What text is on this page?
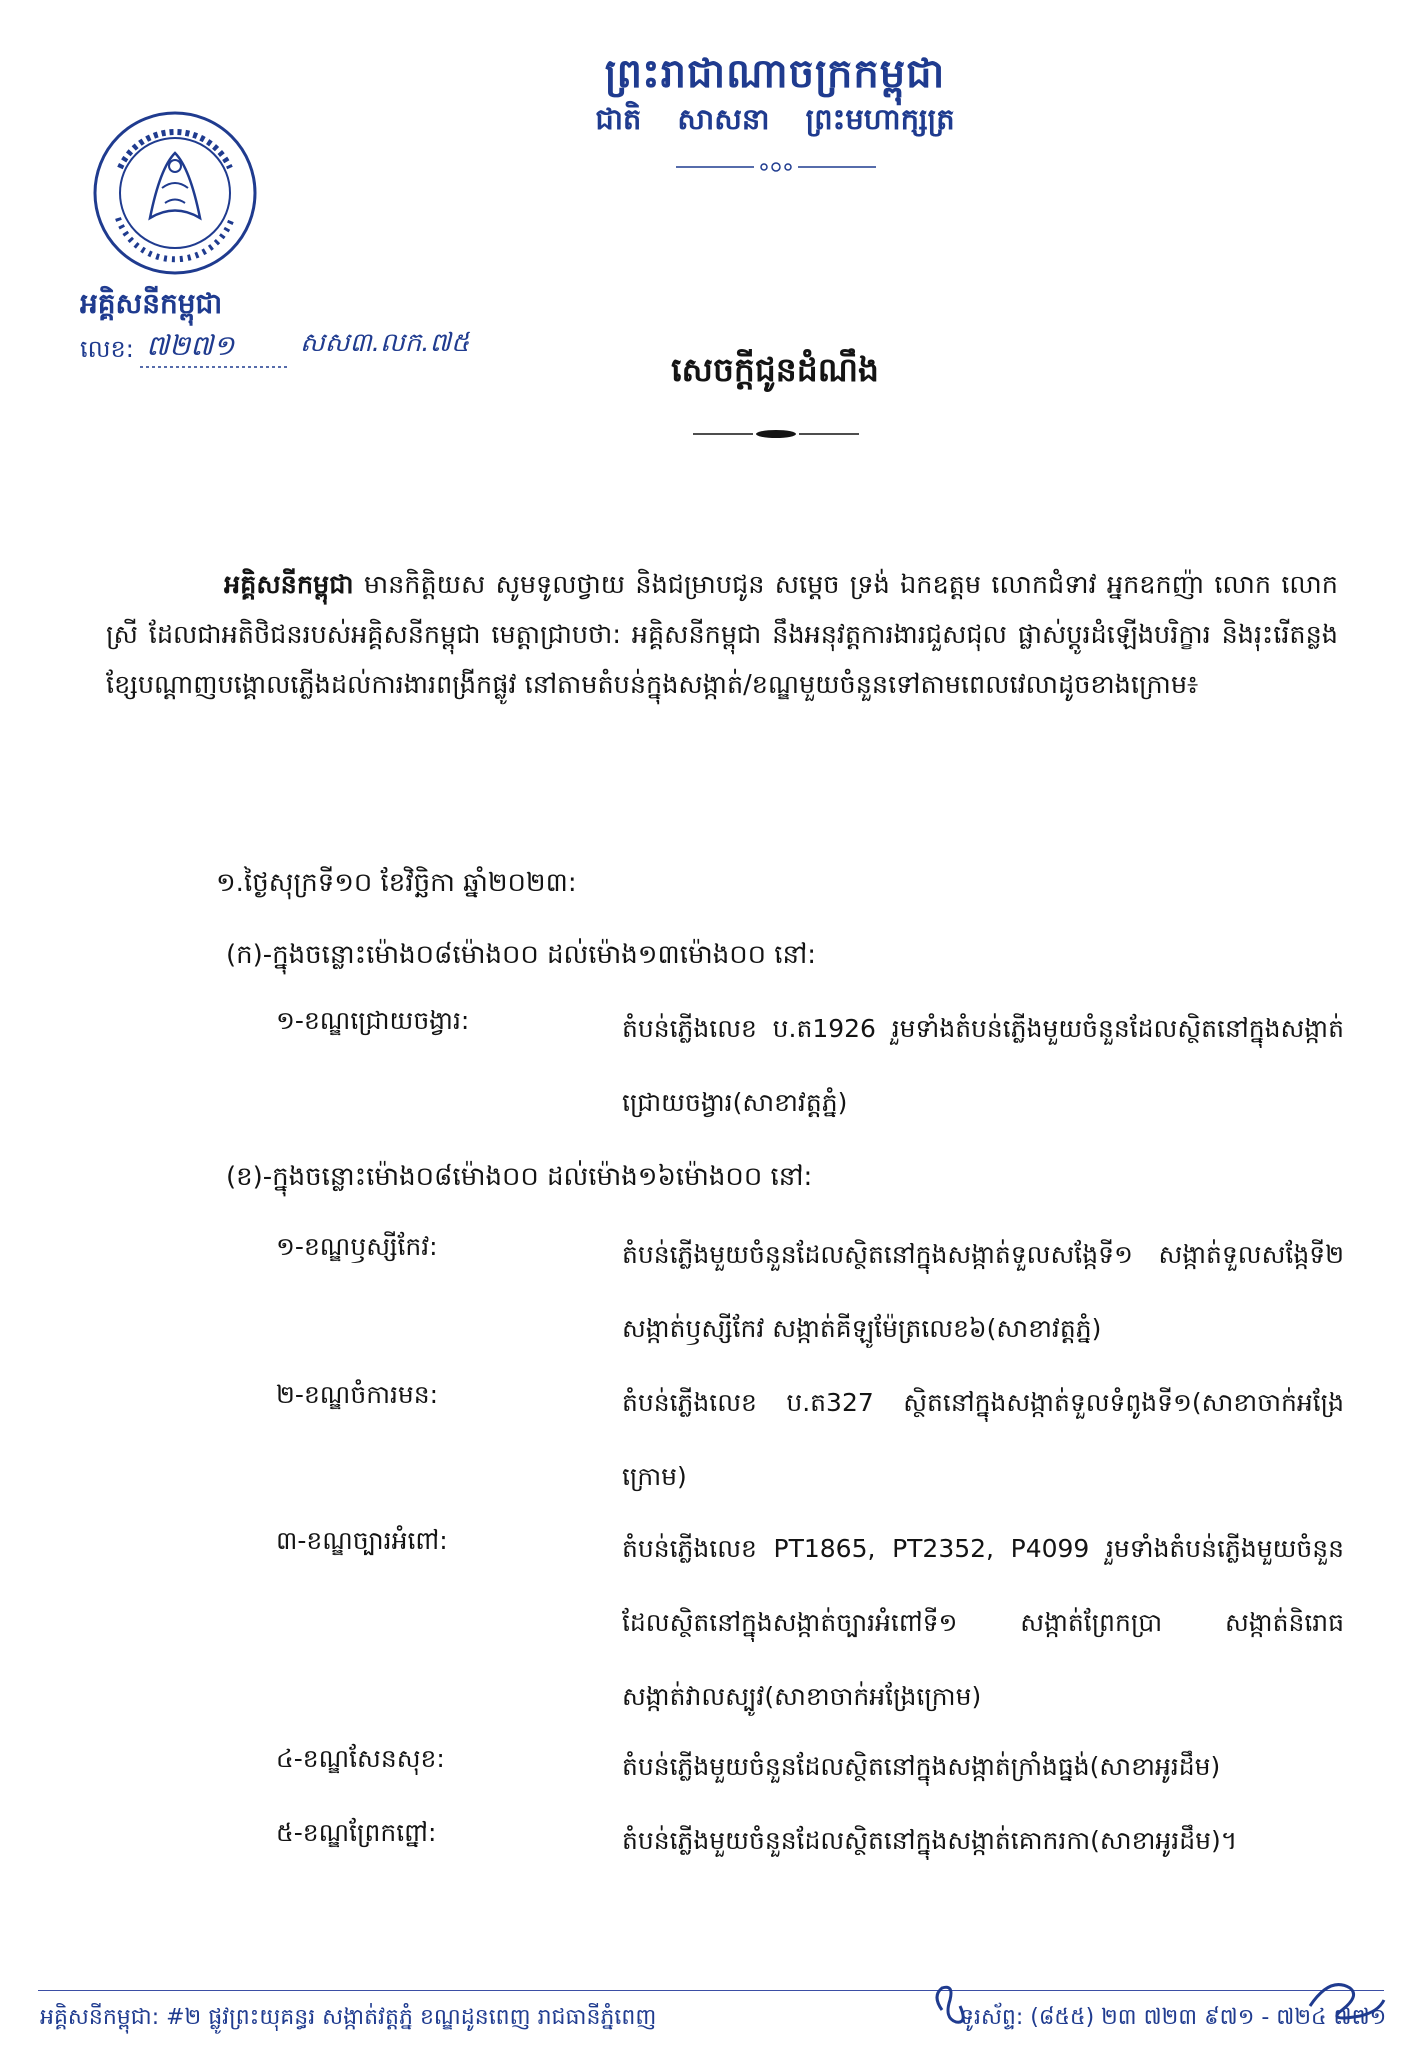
ព្រះរាជាណាចក្រកម្ពុជា
ជាតិ សាសនា ព្រះមហាក្សត្រ
អគ្គិសនីកម្ពុជា
លេខ: ៧២៧១	សស៣.លក.៧៥
សេចក្តីជូនដំណឹង
អគ្គិសនីកម្ពុជា មានកិត្តិយស សូមទូលថ្វាយ និងជម្រាបជូន សម្តេច ទ្រង់ ឯកឧត្តម លោកជំទាវ អ្នកឧកញ៉ា លោក លោកស្រី ដែលជាអតិថិជនរបស់អគ្គិសនីកម្ពុជា មេត្តាជ្រាបថា: អគ្គិសនីកម្ពុជា នឹងអនុវត្តការងារជួសជុល ផ្លាស់ប្តូរដំឡើងបរិក្ខារ និងរុះរើតន្លងខ្សែបណ្តាញបង្គោលភ្លើងដល់ការងារពង្រីកផ្លូវ នៅតាមតំបន់ក្នុងសង្កាត់/ខណ្ឌមួយចំនួនទៅតាមពេលវេលាដូចខាងក្រោម៖
១.ថ្ងៃសុក្រទី១០ ខែវិច្ឆិកា ឆ្នាំ២០២៣:
(ក)-ក្នុងចន្លោះម៉ោង០៨ម៉ោង០០ ដល់ម៉ោង១៣ម៉ោង០០ នៅ:
១-ខណ្ឌជ្រោយចង្វារ:	តំបន់ភ្លើងលេខ ប.ត1926 រួមទាំងតំបន់ភ្លើងមួយចំនួនដែលស្ថិតនៅក្នុងសង្កាត់ជ្រោយចង្វារ(សាខាវត្តភ្នំ)
(ខ)-ក្នុងចន្លោះម៉ោង០៨ម៉ោង០០ ដល់ម៉ោង១៦ម៉ោង០០ នៅ:
១-ខណ្ឌឫស្សីកែវ:	តំបន់ភ្លើងមួយចំនួនដែលស្ថិតនៅក្នុងសង្កាត់ទួលសង្កែទី១ សង្កាត់ទួលសង្កែទី២ សង្កាត់ឫស្សីកែវ សង្កាត់គីឡូម៉ែត្រលេខ៦(សាខាវត្តភ្នំ)
២-ខណ្ឌចំការមន:	តំបន់ភ្លើងលេខ ប.ត327 ស្ថិតនៅក្នុងសង្កាត់ទួលទំពូងទី១(សាខាចាក់អង្រែក្រោម)
៣-ខណ្ឌច្បារអំពៅ:	តំបន់ភ្លើងលេខ PT1865, PT2352, P4099 រួមទាំងតំបន់ភ្លើងមួយចំនួនដែលស្ថិតនៅក្នុងសង្កាត់ច្បារអំពៅទី១ សង្កាត់ព្រែកប្រា សង្កាត់និរោធ សង្កាត់វាលស្បូវ(សាខាចាក់អង្រែក្រោម)
៤-ខណ្ឌសែនសុខ:	តំបន់ភ្លើងមួយចំនួនដែលស្ថិតនៅក្នុងសង្កាត់ក្រាំងធ្នង់(សាខាអូរដឹម)
៥-ខណ្ឌព្រែកព្នៅ:	តំបន់ភ្លើងមួយចំនួនដែលស្ថិតនៅក្នុងសង្កាត់គោករកា(សាខាអូរដឹម)។
អគ្គិសនីកម្ពុជា: #២ ផ្លូវព្រះយុគន្ធរ សង្កាត់វត្តភ្នំ ខណ្ឌដូនពេញ រាជធានីភ្នំពេញ	ទូរស័ព្ទ: (៨៥៥) ២៣ ៧២៣ ៩៧១ - ៧២៤ ៧៧១
